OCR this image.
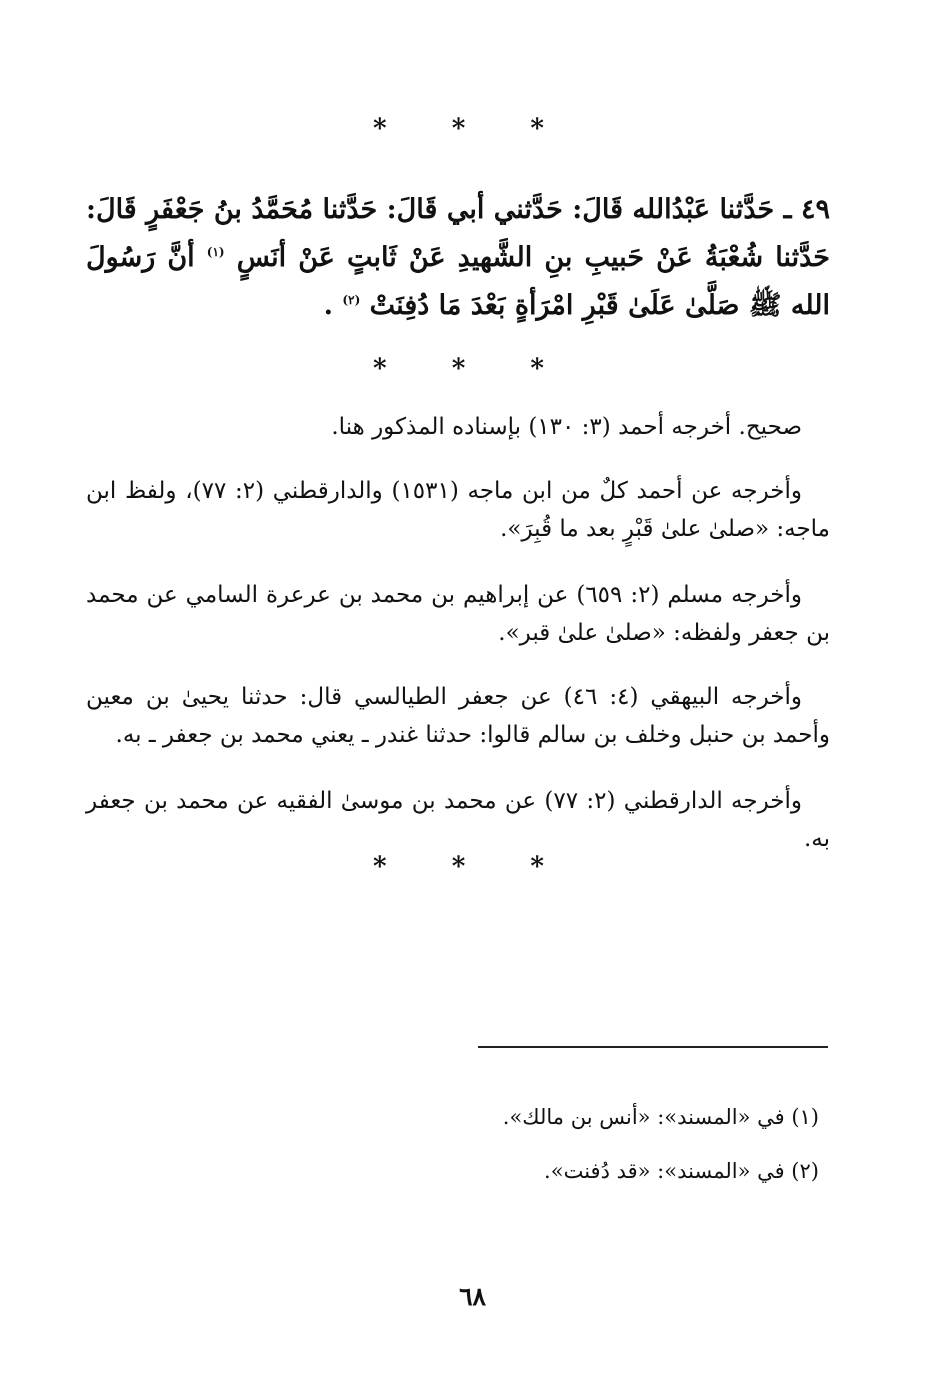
* * *
٤٩ ـ حَدَّثنا عَبْدُالله قَالَ: حَدَّثني أبي قَالَ: حَدَّثنا مُحَمَّدُ بنُ جَعْفَرٍ قَالَ: حَدَّثنا شُعْبَةُ عَنْ حَبيبِ بنِ الشَّهيدِ عَنْ ثَابتٍ عَنْ أنَسٍ $^{(١)}$ أنَّ رَسُولَ الله ﷺ صَلَّىٰ عَلَىٰ قَبْرِ امْرَأةٍ بَعْدَ مَا دُفِنَتْ $^{(٢)}$ .
* * *
صحيح. أخرجه أحمد (٣: ١٣٠) بإسناده المذكور هنا.
وأخرجه عن أحمد كلٌ من ابن ماجه (١٥٣١) والدارقطني (٢: ٧٧)، ولفظ ابن ماجه: «صلىٰ علىٰ قَبْرٍ بعد ما قُبِرَ».
وأخرجه مسلم (٢: ٦٥٩) عن إبراهيم بن محمد بن عرعرة السامي عن محمد بن جعفر ولفظه: «صلىٰ علىٰ قبر».
وأخرجه البيهقي (٤: ٤٦) عن جعفر الطيالسي قال: حدثنا يحيىٰ بن معين وأحمد بن حنبل وخلف بن سالم قالوا: حدثنا غندر ـ يعني محمد بن جعفر ـ به.
وأخرجه الدارقطني (٢: ٧٧) عن محمد بن موسىٰ الفقيه عن محمد بن جعفر به.
* * *
(١) في «المسند»: «أنس بن مالك».
(٢) في «المسند»: «قد دُفنت».
٦٨
